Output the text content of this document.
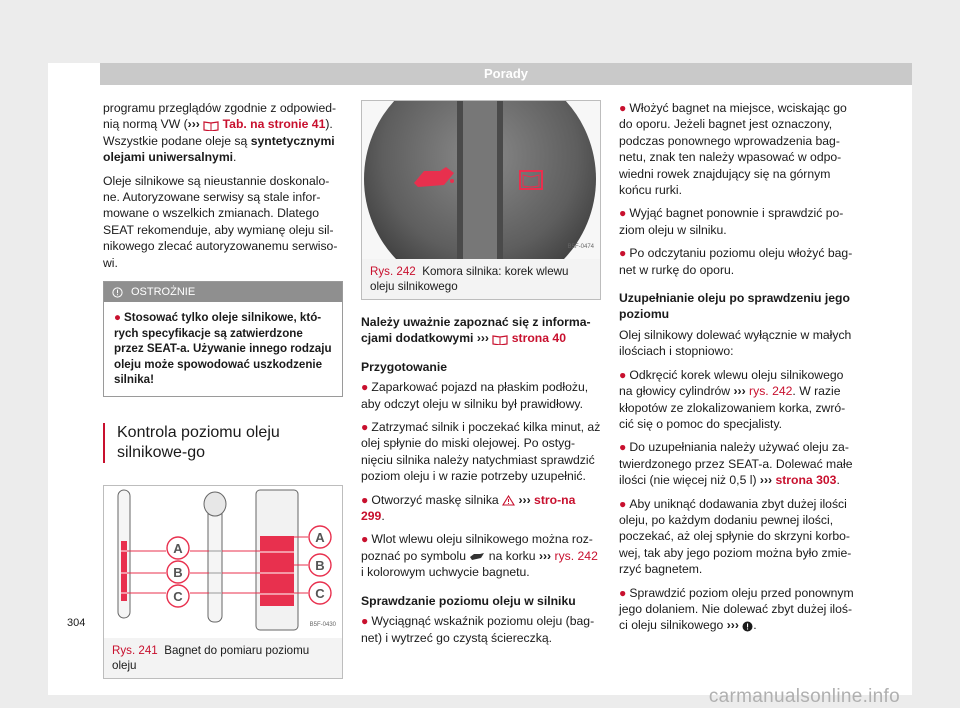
Porady

programu przeglądów zgodnie z odpowied-nią normą VW (›››  Tab. na stronie 41). Wszystkie podane oleje są syntetycznymi olejami uniwersalnymi.

Oleje silnikowe są nieustannie doskonalo-ne. Autoryzowane serwisy są stale infor-mowane o wszelkich zmianach. Dlatego SEAT rekomenduje, aby wymianę oleju sil-nikowego zlecać autoryzowanemu serwiso-wi.

OSTROŻNIE
● Stosować tylko oleje silnikowe, któ-rych specyfikacje są zatwierdzone przez SEAT-a. Używanie innego rodzaju oleju może spowodować uszkodzenie silnika!
Kontrola poziomu oleju silnikowe-go
A
B
C
A
B
C
B5F-0430
Rys. 241 Bagnet do pomiaru poziomu oleju
B5F-0474
Rys. 242 Komora silnika: korek wlewu oleju silnikowego

Należy uważnie zapoznać się z informa-cjami dodatkowymi ›››  strona 40

Przygotowanie

● Zaparkować pojazd na płaskim podłożu, aby odczyt oleju w silniku był prawidłowy.

● Zatrzymać silnik i poczekać kilka minut, aż olej spłynie do miski olejowej. Po ostyg-nięciu silnika należy natychmiast sprawdzić poziom oleju i w razie potrzeby uzupełnić.

● Otworzyć maskę silnika  ››› stro-na 299.

● Wlot wlewu oleju silnikowego można roz-poznać po symbolu  na korku ››› rys. 242 i kolorowym uchwycie bagnetu.

Sprawdzanie poziomu oleju w silniku

● Wyciągnąć wskaźnik poziomu oleju (bag-net) i wytrzeć go czystą ściereczką.

● Włożyć bagnet na miejsce, wciskając go do oporu. Jeżeli bagnet jest oznaczony, podczas ponownego wprowadzenia bag-netu, znak ten należy wpasować w odpo-wiedni rowek znajdujący się na górnym końcu rurki.

● Wyjąć bagnet ponownie i sprawdzić po-ziom oleju w silniku.

● Po odczytaniu poziomu oleju włożyć bag-net w rurkę do oporu.

Uzupełnianie oleju po sprawdzeniu jego poziomu

Olej silnikowy dolewać wyłącznie w małych ilościach i stopniowo:

● Odkręcić korek wlewu oleju silnikowego na głowicy cylindrów ››› rys. 242. W razie kłopotów ze zlokalizowaniem korka, zwró-cić się o pomoc do specjalisty.

● Do uzupełniania należy używać oleju za-twierdzonego przez SEAT-a. Dolewać małe ilości (nie więcej niż 0,5 l) ››› strona 303.

● Aby uniknąć dodawania zbyt dużej ilości oleju, po każdym dodaniu pewnej ilości, poczekać, aż olej spłynie do skrzyni korbo-wej, tak aby jego poziom można było zmie-rzyć bagnetem.

● Sprawdzić poziom oleju przed ponownym jego dolaniem. Nie dolewać zbyt dużej iloś-ci oleju silnikowego ››› .

304
carmanualsonline.info
